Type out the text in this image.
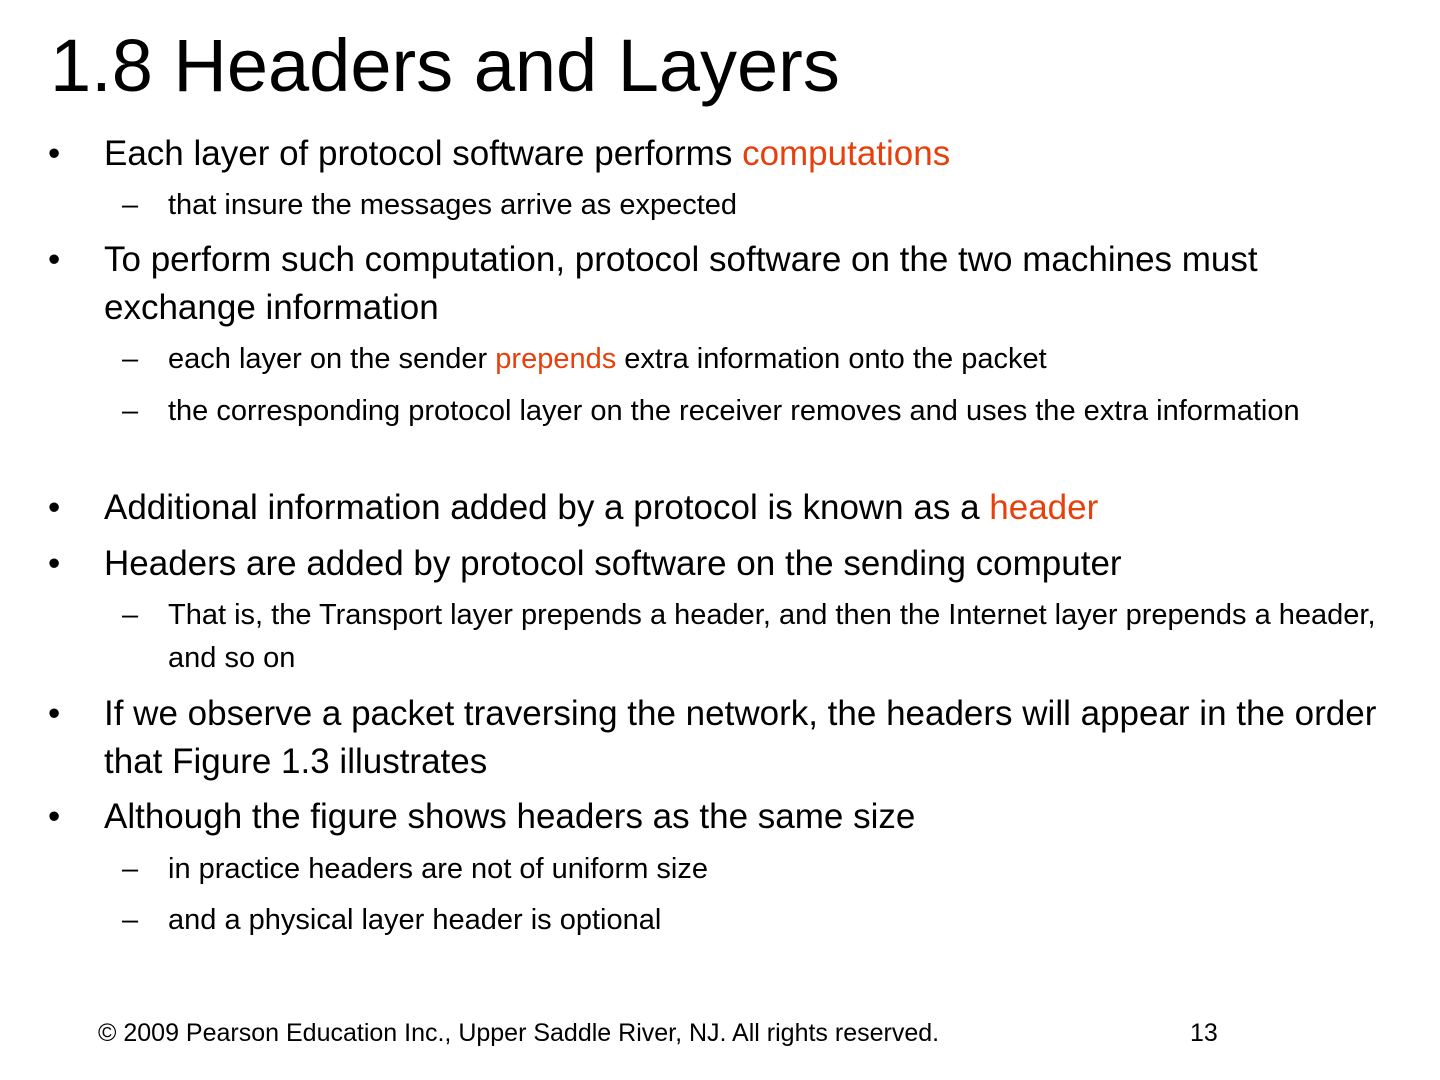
1.8 Headers and Layers

• Each layer of protocol software performs computations

– that insure the messages arrive as expected

• To perform such computation, protocol software on the two machines must exchange information

– each layer on the sender prepends extra information onto the packet

– the corresponding protocol layer on the receiver removes and uses the extra information

• Additional information added by a protocol is known as a header

• Headers are added by protocol software on the sending computer

– That is, the Transport layer prepends a header, and then the Internet layer prepends a header, and so on

• If we observe a packet traversing the network, the headers will appear in the order that Figure 1.3 illustrates

• Although the figure shows headers as the same size

– in practice headers are not of uniform size

– and a physical layer header is optional

© 2009 Pearson Education Inc., Upper Saddle River, NJ. All rights reserved.	13
